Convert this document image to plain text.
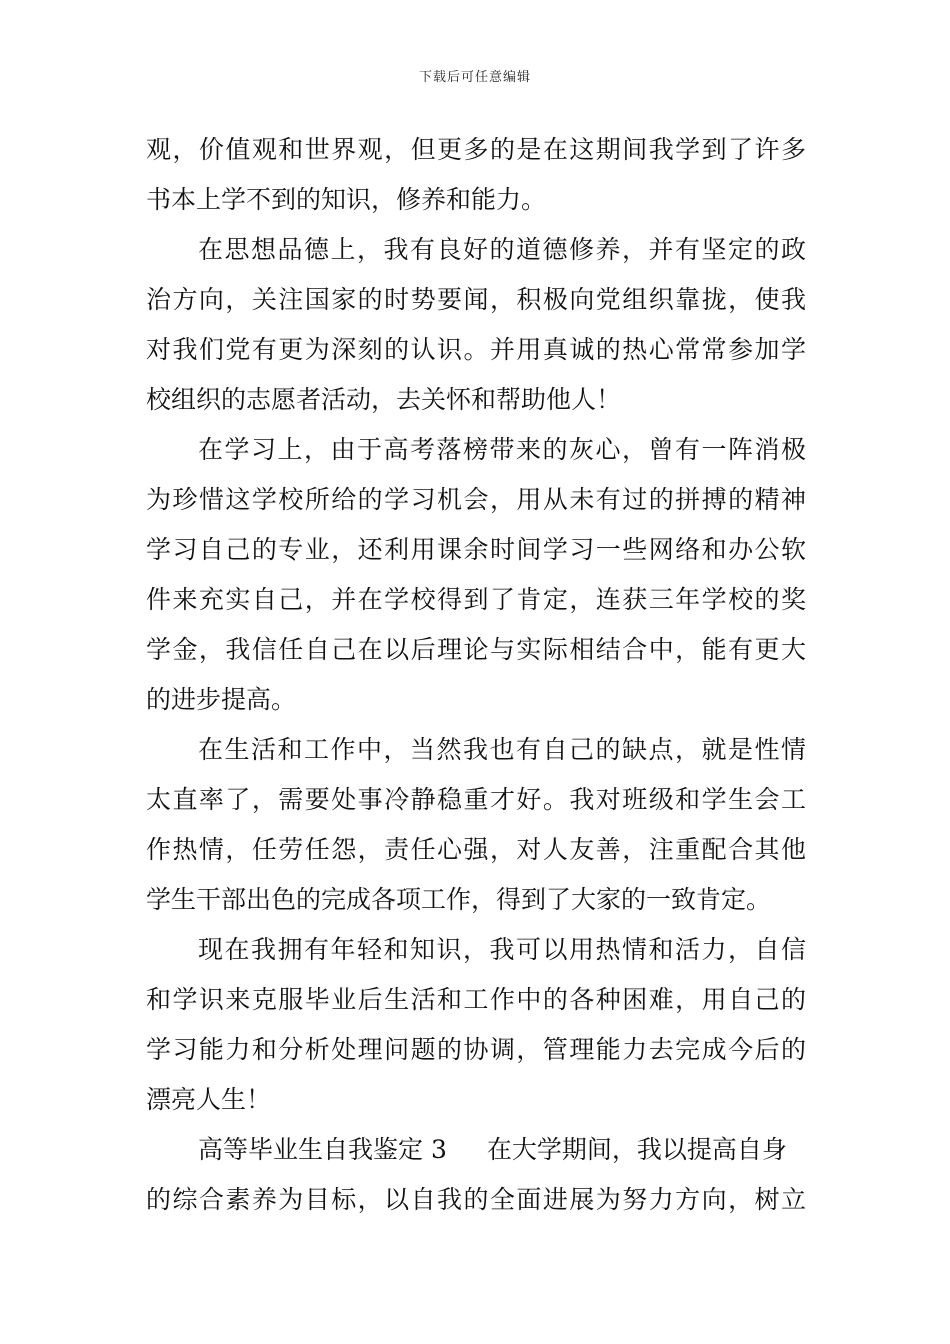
下载后可任意编辑
观，价值观和世界观，但更多的是在这期间我学到了许多
书本上学不到的知识，修养和能力。
在思想品德上，我有良好的道德修养，并有坚定的政
治方向，关注国家的时势要闻，积极向党组织靠拢，使我
对我们党有更为深刻的认识。并用真诚的热心常常参加学
校组织的志愿者活动，去关怀和帮助他人！
在学习上，由于高考落榜带来的灰心，曾有一阵消极
为珍惜这学校所给的学习机会，用从未有过的拼搏的精神
学习自己的专业，还利用课余时间学习一些网络和办公软
件来充实自己，并在学校得到了肯定，连获三年学校的奖
学金，我信任自己在以后理论与实际相结合中，能有更大
的进步提高。
在生活和工作中，当然我也有自己的缺点，就是性情
太直率了，需要处事冷静稳重才好。我对班级和学生会工
作热情，任劳任怨，责任心强，对人友善，注重配合其他
学生干部出色的完成各项工作，得到了大家的一致肯定。
现在我拥有年轻和知识，我可以用热情和活力，自信
和学识来克服毕业后生活和工作中的各种困难，用自己的
学习能力和分析处理问题的协调，管理能力去完成今后的
漂亮人生！
高等毕业生自我鉴定 3 在大学期间，我以提高自身
的综合素养为目标，以自我的全面进展为努力方向，树立
